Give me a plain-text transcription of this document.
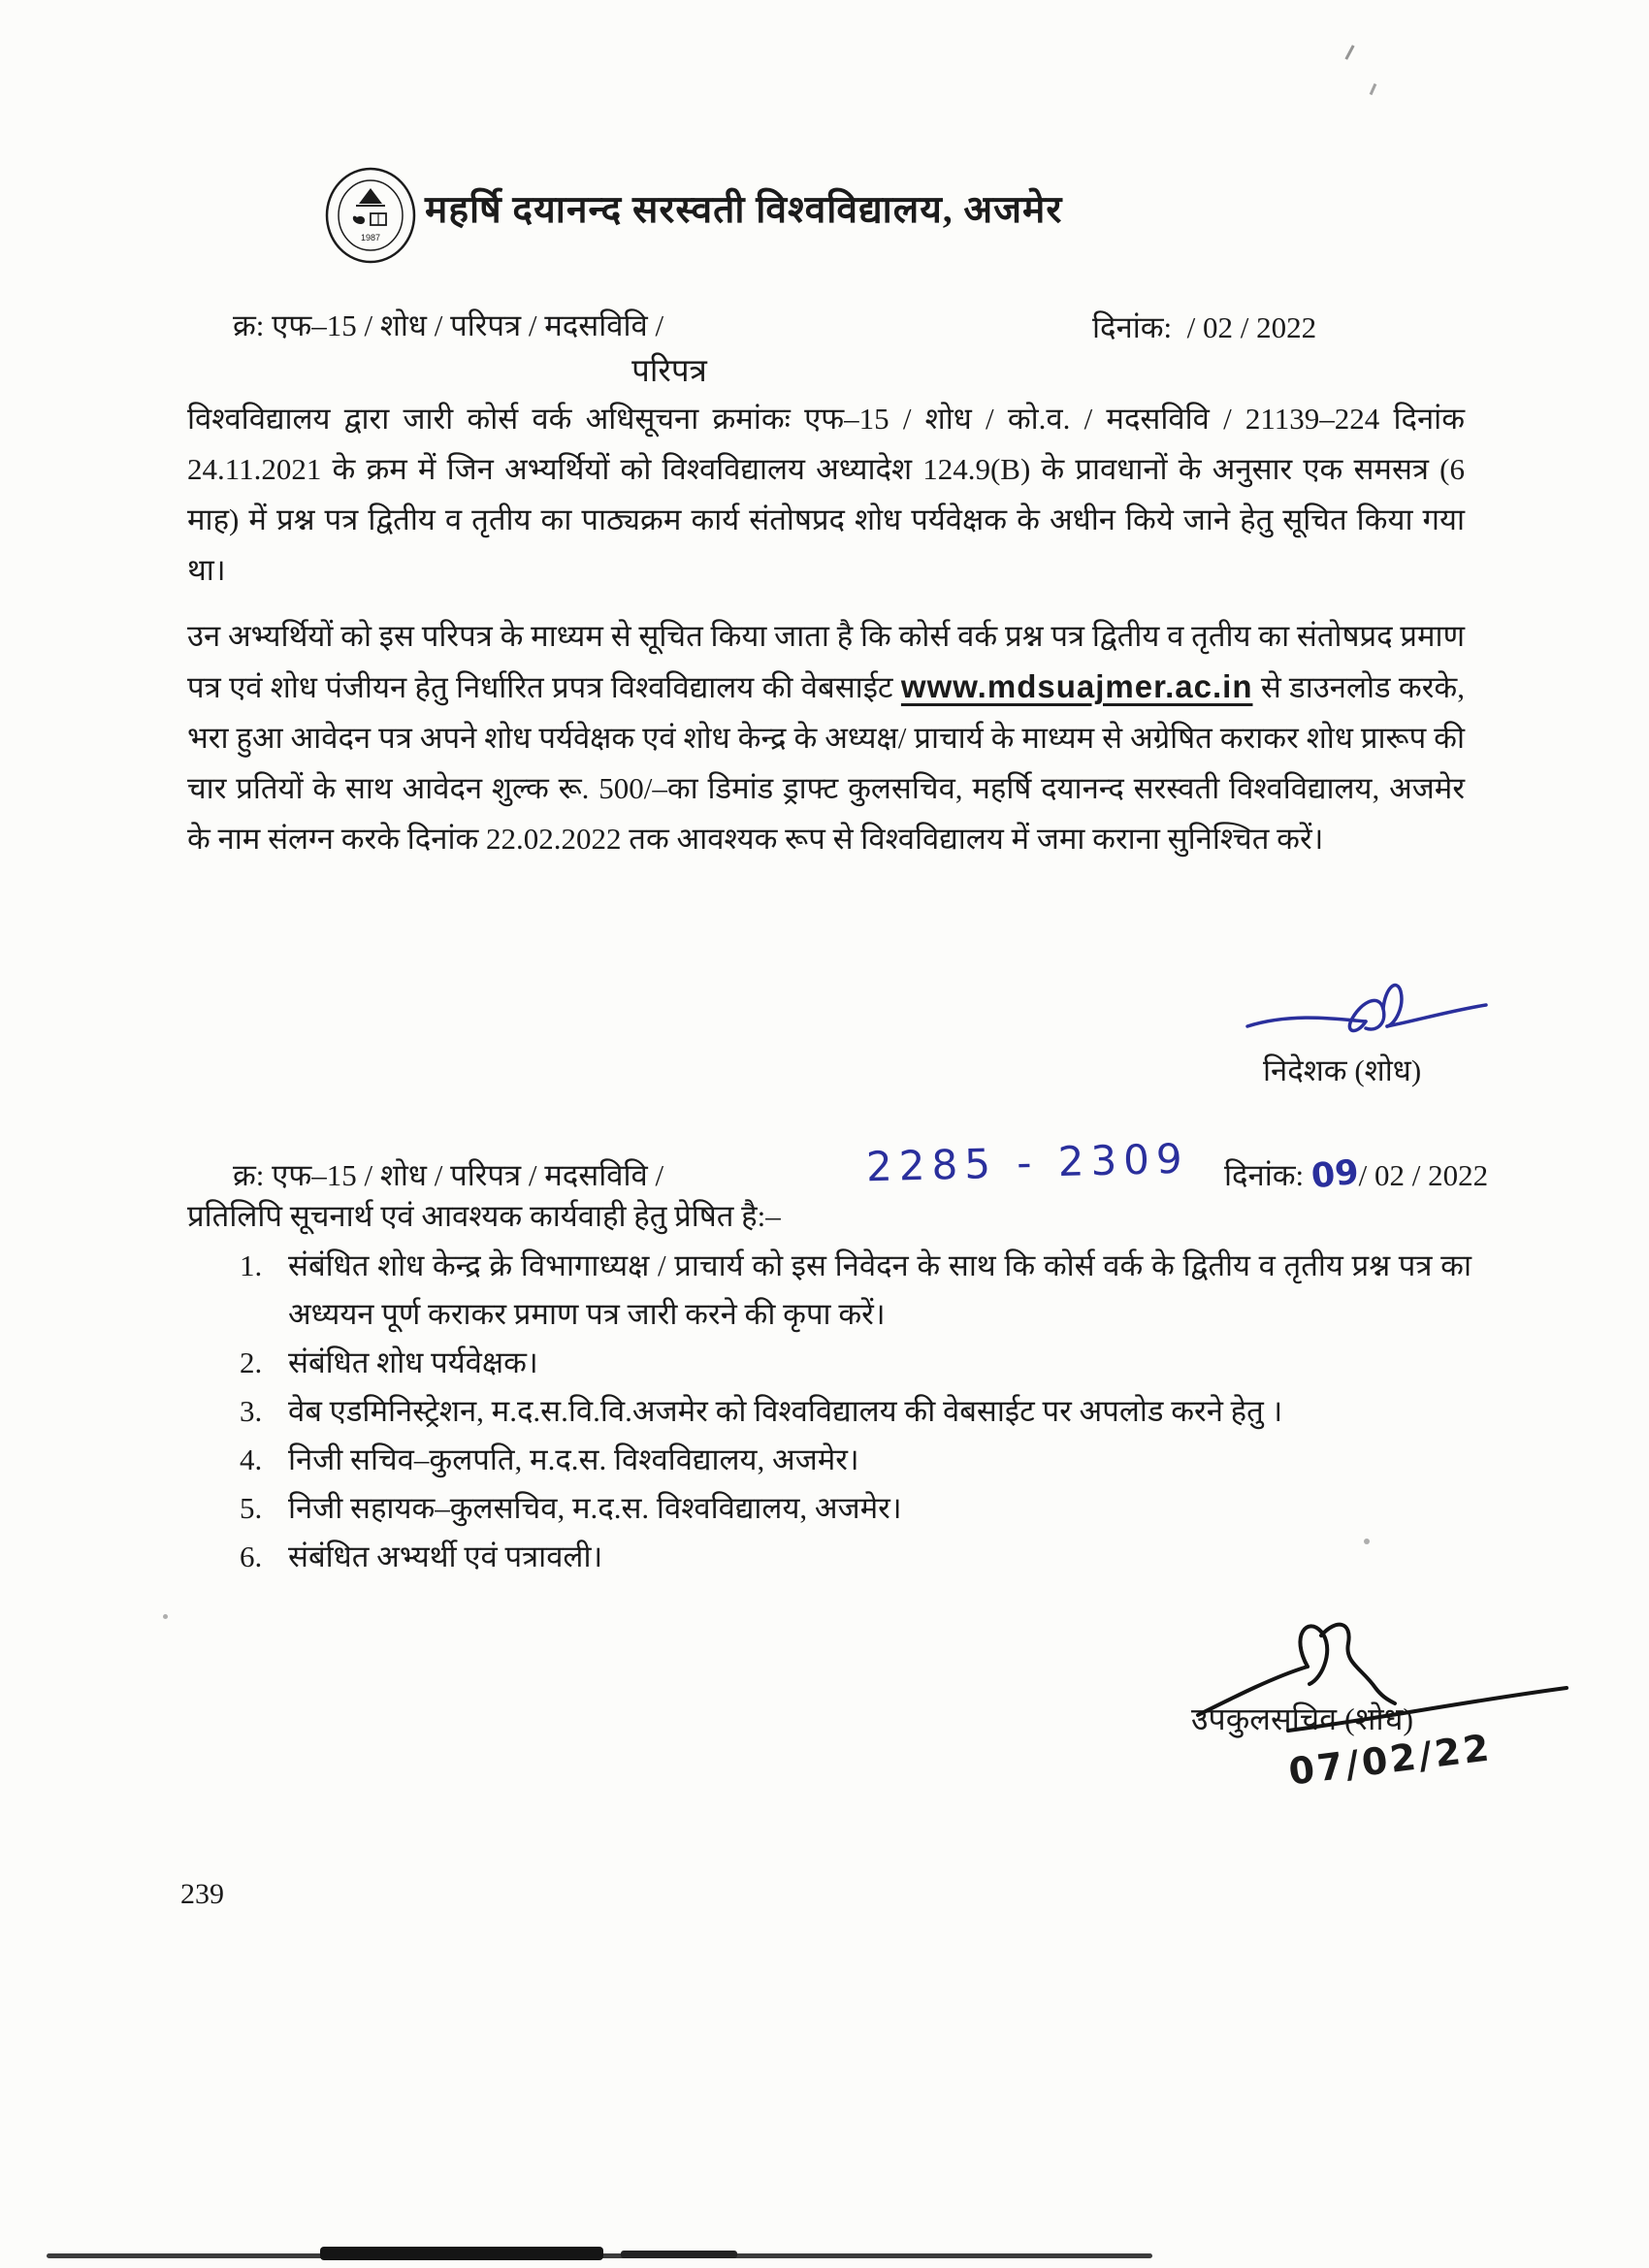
1987
महर्षि दयानन्द सरस्वती विश्वविद्यालय, अजमेर
क्र: एफ–15 / शोध / परिपत्र / मदसविवि /	दिनांक: / 02 / 2022
परिपत्र

विश्वविद्यालय द्वारा जारी कोर्स वर्क अधिसूचना क्रमांकः एफ–15 / शोध / को.व. / मदसविवि / 21139–224 दिनांक 24.11.2021 के क्रम में जिन अभ्यर्थियों को विश्वविद्यालय अध्यादेश 124.9(B) के प्रावधानों के अनुसार एक समसत्र (6 माह) में प्रश्न पत्र द्वितीय व तृतीय का पाठ्यक्रम कार्य संतोषप्रद शोध पर्यवेक्षक के अधीन किये जाने हेतु सूचित किया गया था।

उन अभ्यर्थियों को इस परिपत्र के माध्यम से सूचित किया जाता है कि कोर्स वर्क प्रश्न पत्र द्वितीय व तृतीय का संतोषप्रद प्रमाण पत्र एवं शोध पंजीयन हेतु निर्धारित प्रपत्र विश्वविद्यालय की वेबसाईट www.mdsuajmer.ac.in से डाउनलोड करके, भरा हुआ आवेदन पत्र अपने शोध पर्यवेक्षक एवं शोध केन्द्र के अध्यक्ष/ प्राचार्य के माध्यम से अग्रेषित कराकर शोध प्रारूप की चार प्रतियों के साथ आवेदन शुल्क रू. 500/–का डिमांड ड्राफ्ट कुलसचिव, महर्षि दयानन्द सरस्वती विश्वविद्यालय, अजमेर के नाम संलग्न करके दिनांक 22.02.2022 तक आवश्यक रूप से विश्वविद्यालय में जमा कराना सुनिश्चित करें।

निदेशक (शोध)
क्र: एफ–15 / शोध / परिपत्र / मदसविवि /	2285 - 2309 दिनांक: 09/ 02 / 2022
प्रतिलिपि सूचनार्थ एवं आवश्यक कार्यवाही हेतु प्रेषित है:–
1. संबंधित शोध केन्द्र क्रे विभागाध्यक्ष / प्राचार्य को इस निवेदन के साथ कि कोर्स वर्क के द्वितीय व तृतीय प्रश्न पत्र का अध्ययन पूर्ण कराकर प्रमाण पत्र जारी करने की कृपा करें।
2. संबंधित शोध पर्यवेक्षक।
3. वेब एडमिनिस्ट्रेशन, म.द.स.वि.वि.अजमेर को विश्वविद्यालय की वेबसाईट पर अपलोड करने हेतु ।
4. निजी सचिव–कुलपति, म.द.स. विश्वविद्यालय, अजमेर।
5. निजी सहायक–कुलसचिव, म.द.स. विश्वविद्यालय, अजमेर।
6. संबंधित अभ्यर्थी एवं पत्रावली।
उपकुलसचिव (शोध)
07/02/22
239
